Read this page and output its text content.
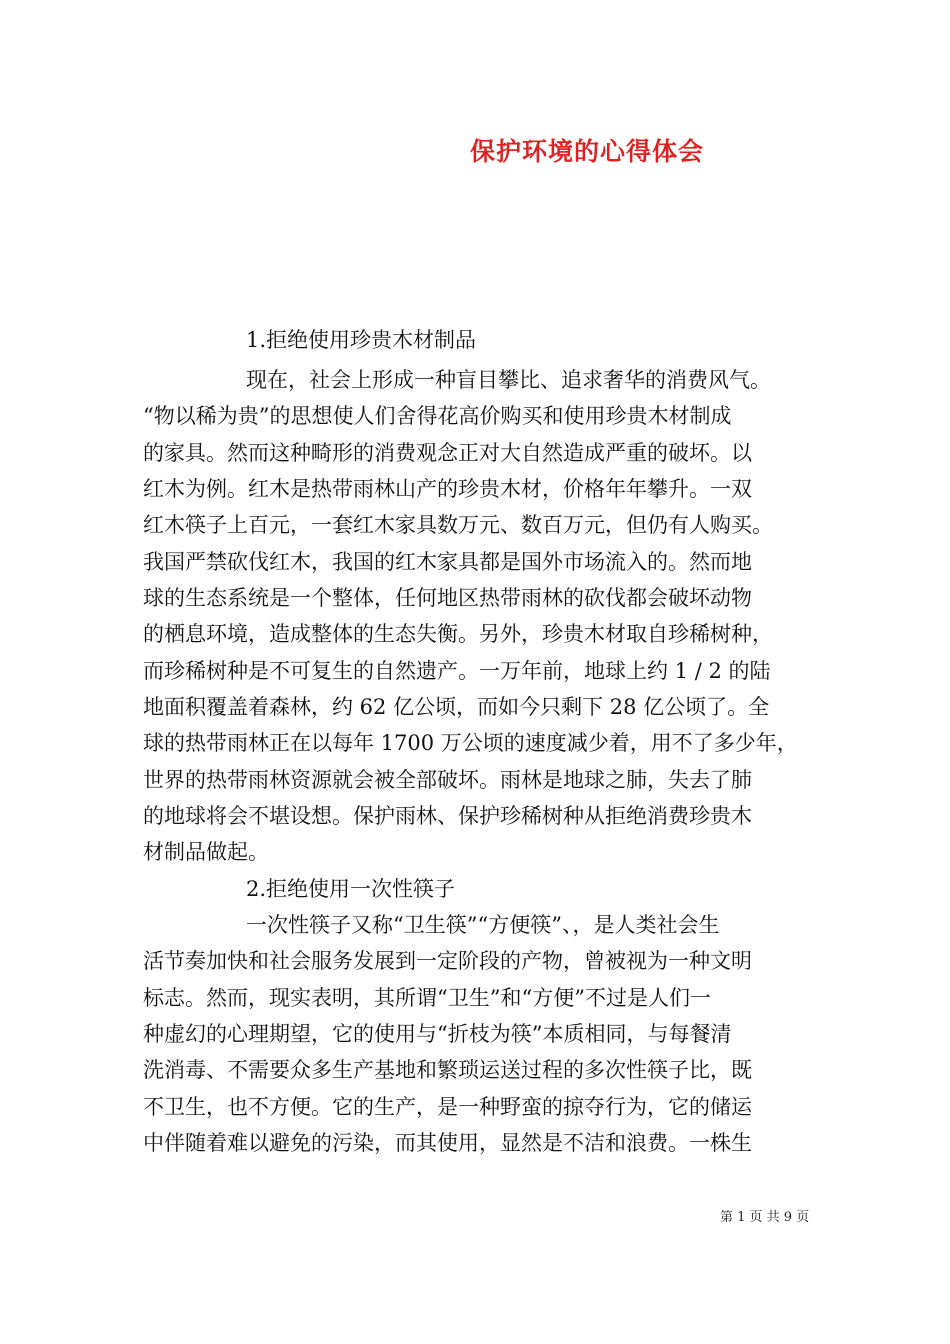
保护环境的心得体会
1.拒绝使用珍贵木材制品
现在，社会上形成一种盲目攀比、追求奢华的消费风气。
“物以稀为贵”的思想使人们舍得花高价购买和使用珍贵木材制成
的家具。然而这种畸形的消费观念正对大自然造成严重的破坏。以
红木为例。红木是热带雨林山产的珍贵木材，价格年年攀升。一双
红木筷子上百元，一套红木家具数万元、数百万元，但仍有人购买。
我国严禁砍伐红木，我国的红木家具都是国外市场流入的。然而地
球的生态系统是一个整体，任何地区热带雨林的砍伐都会破坏动物
的栖息环境，造成整体的生态失衡。另外，珍贵木材取自珍稀树种，
而珍稀树种是不可复生的自然遗产。一万年前，地球上约 1 / 2 的陆
地面积覆盖着森林，约 62 亿公顷，而如今只剩下 28 亿公顷了。全
球的热带雨林正在以每年 1700 万公顷的速度减少着，用不了多少年，
世界的热带雨林资源就会被全部破坏。雨林是地球之肺，失去了肺
的地球将会不堪设想。保护雨林、保护珍稀树种从拒绝消费珍贵木
材制品做起。
2.拒绝使用一次性筷子
一次性筷子又称“卫生筷”“方便筷”、，是人类社会生
活节奏加快和社会服务发展到一定阶段的产物，曾被视为一种文明
标志。然而，现实表明，其所谓“卫生”和“方便”不过是人们一
种虚幻的心理期望，它的使用与“折枝为筷”本质相同，与每餐清
洗消毒、不需要众多生产基地和繁琐运送过程的多次性筷子比，既
不卫生，也不方便。它的生产，是一种野蛮的掠夺行为，它的储运
中伴随着难以避免的污染，而其使用，显然是不洁和浪费。一株生
第 1 页 共 9 页
